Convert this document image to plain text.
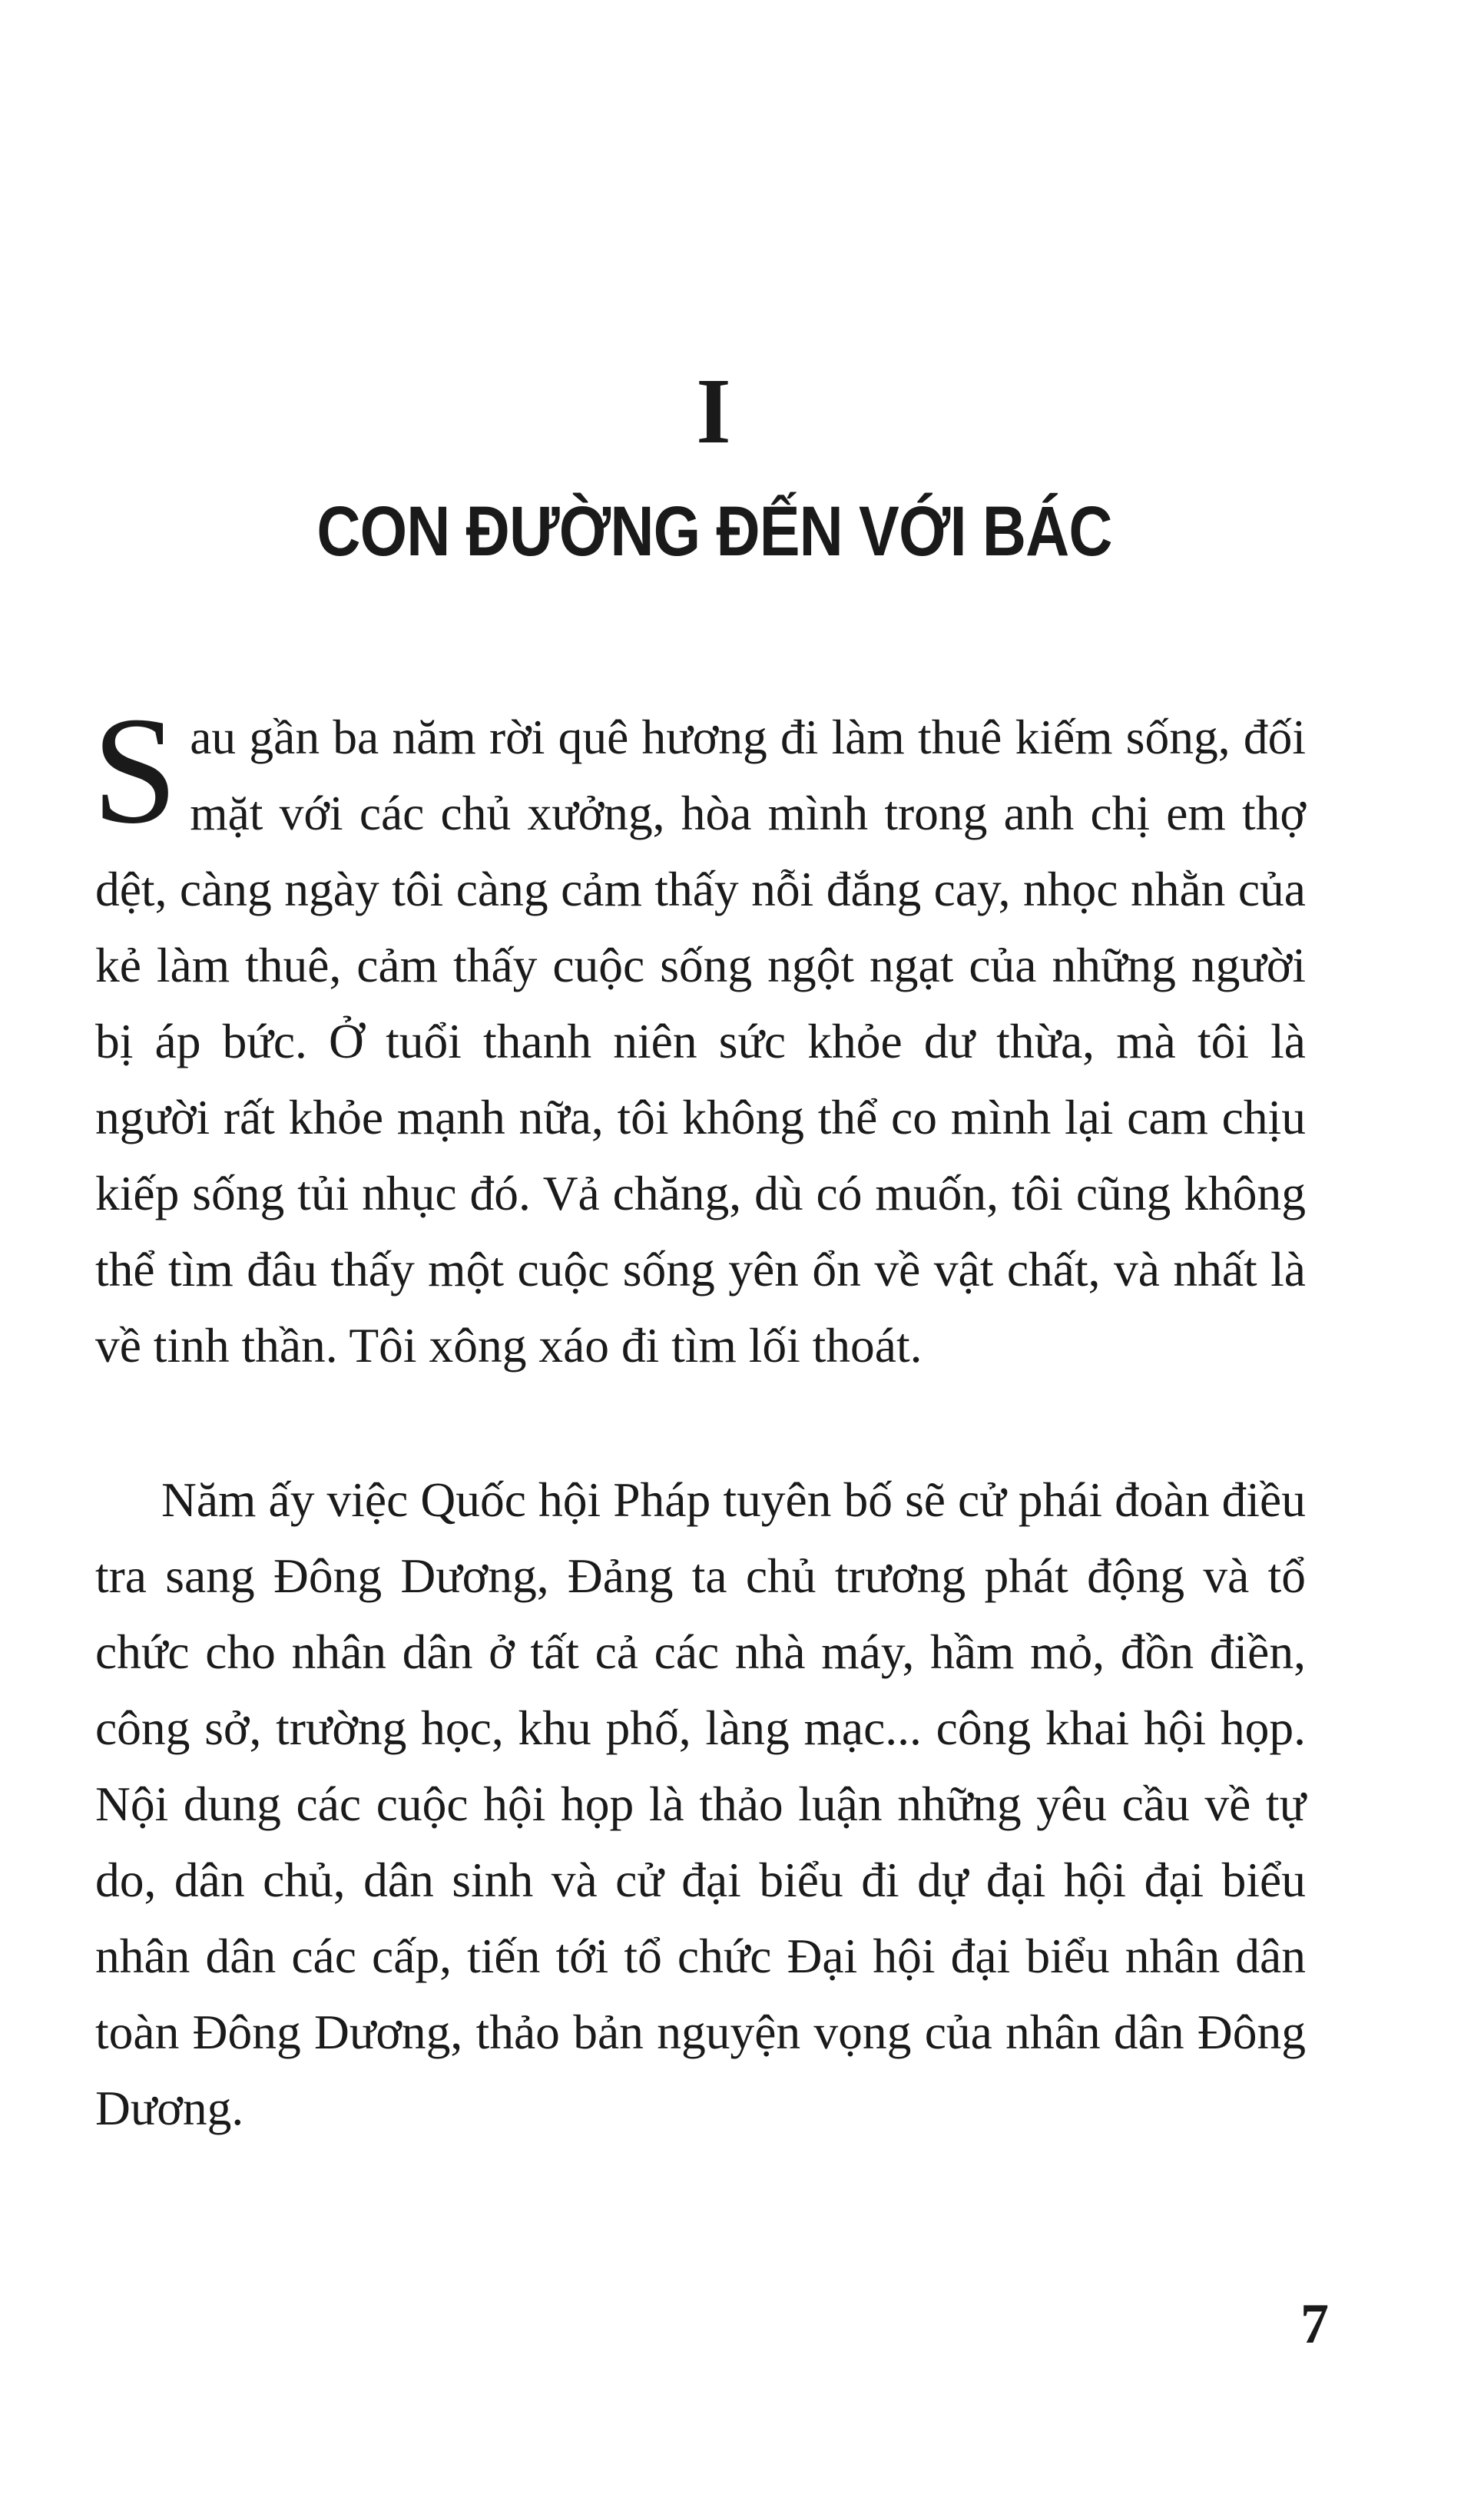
I
CON ĐƯỜNG ĐẾN VỚI BÁC
Sau gần ba năm rời quê hương đi làm thuê kiếm sống, đối mặt với các chủ xưởng, hòa mình trong anh chị em thợ dệt, càng ngày tôi càng cảm thấy nỗi đắng cay, nhọc nhằn của kẻ làm thuê, cảm thấy cuộc sống ngột ngạt của những người bị áp bức. Ở tuổi thanh niên sức khỏe dư thừa, mà tôi là người rất khỏe mạnh nữa, tôi không thể co mình lại cam chịu kiếp sống tủi nhục đó. Vả chăng, dù có muốn, tôi cũng không thể tìm đâu thấy một cuộc sống yên ổn về vật chất, và nhất là về tinh thần. Tôi xông xáo đi tìm lối thoát.
Năm ấy việc Quốc hội Pháp tuyên bố sẽ cử phái đoàn điều tra sang Đông Dương, Đảng ta chủ trương phát động và tổ chức cho nhân dân ở tất cả các nhà máy, hầm mỏ, đồn điền, công sở, trường học, khu phố, làng mạc... công khai hội họp. Nội dung các cuộc hội họp là thảo luận những yêu cầu về tự do, dân chủ, dân sinh và cử đại biểu đi dự đại hội đại biểu nhân dân các cấp, tiến tới tổ chức Đại hội đại biểu nhân dân toàn Đông Dương, thảo bản nguyện vọng của nhân dân Đông Dương.
7
